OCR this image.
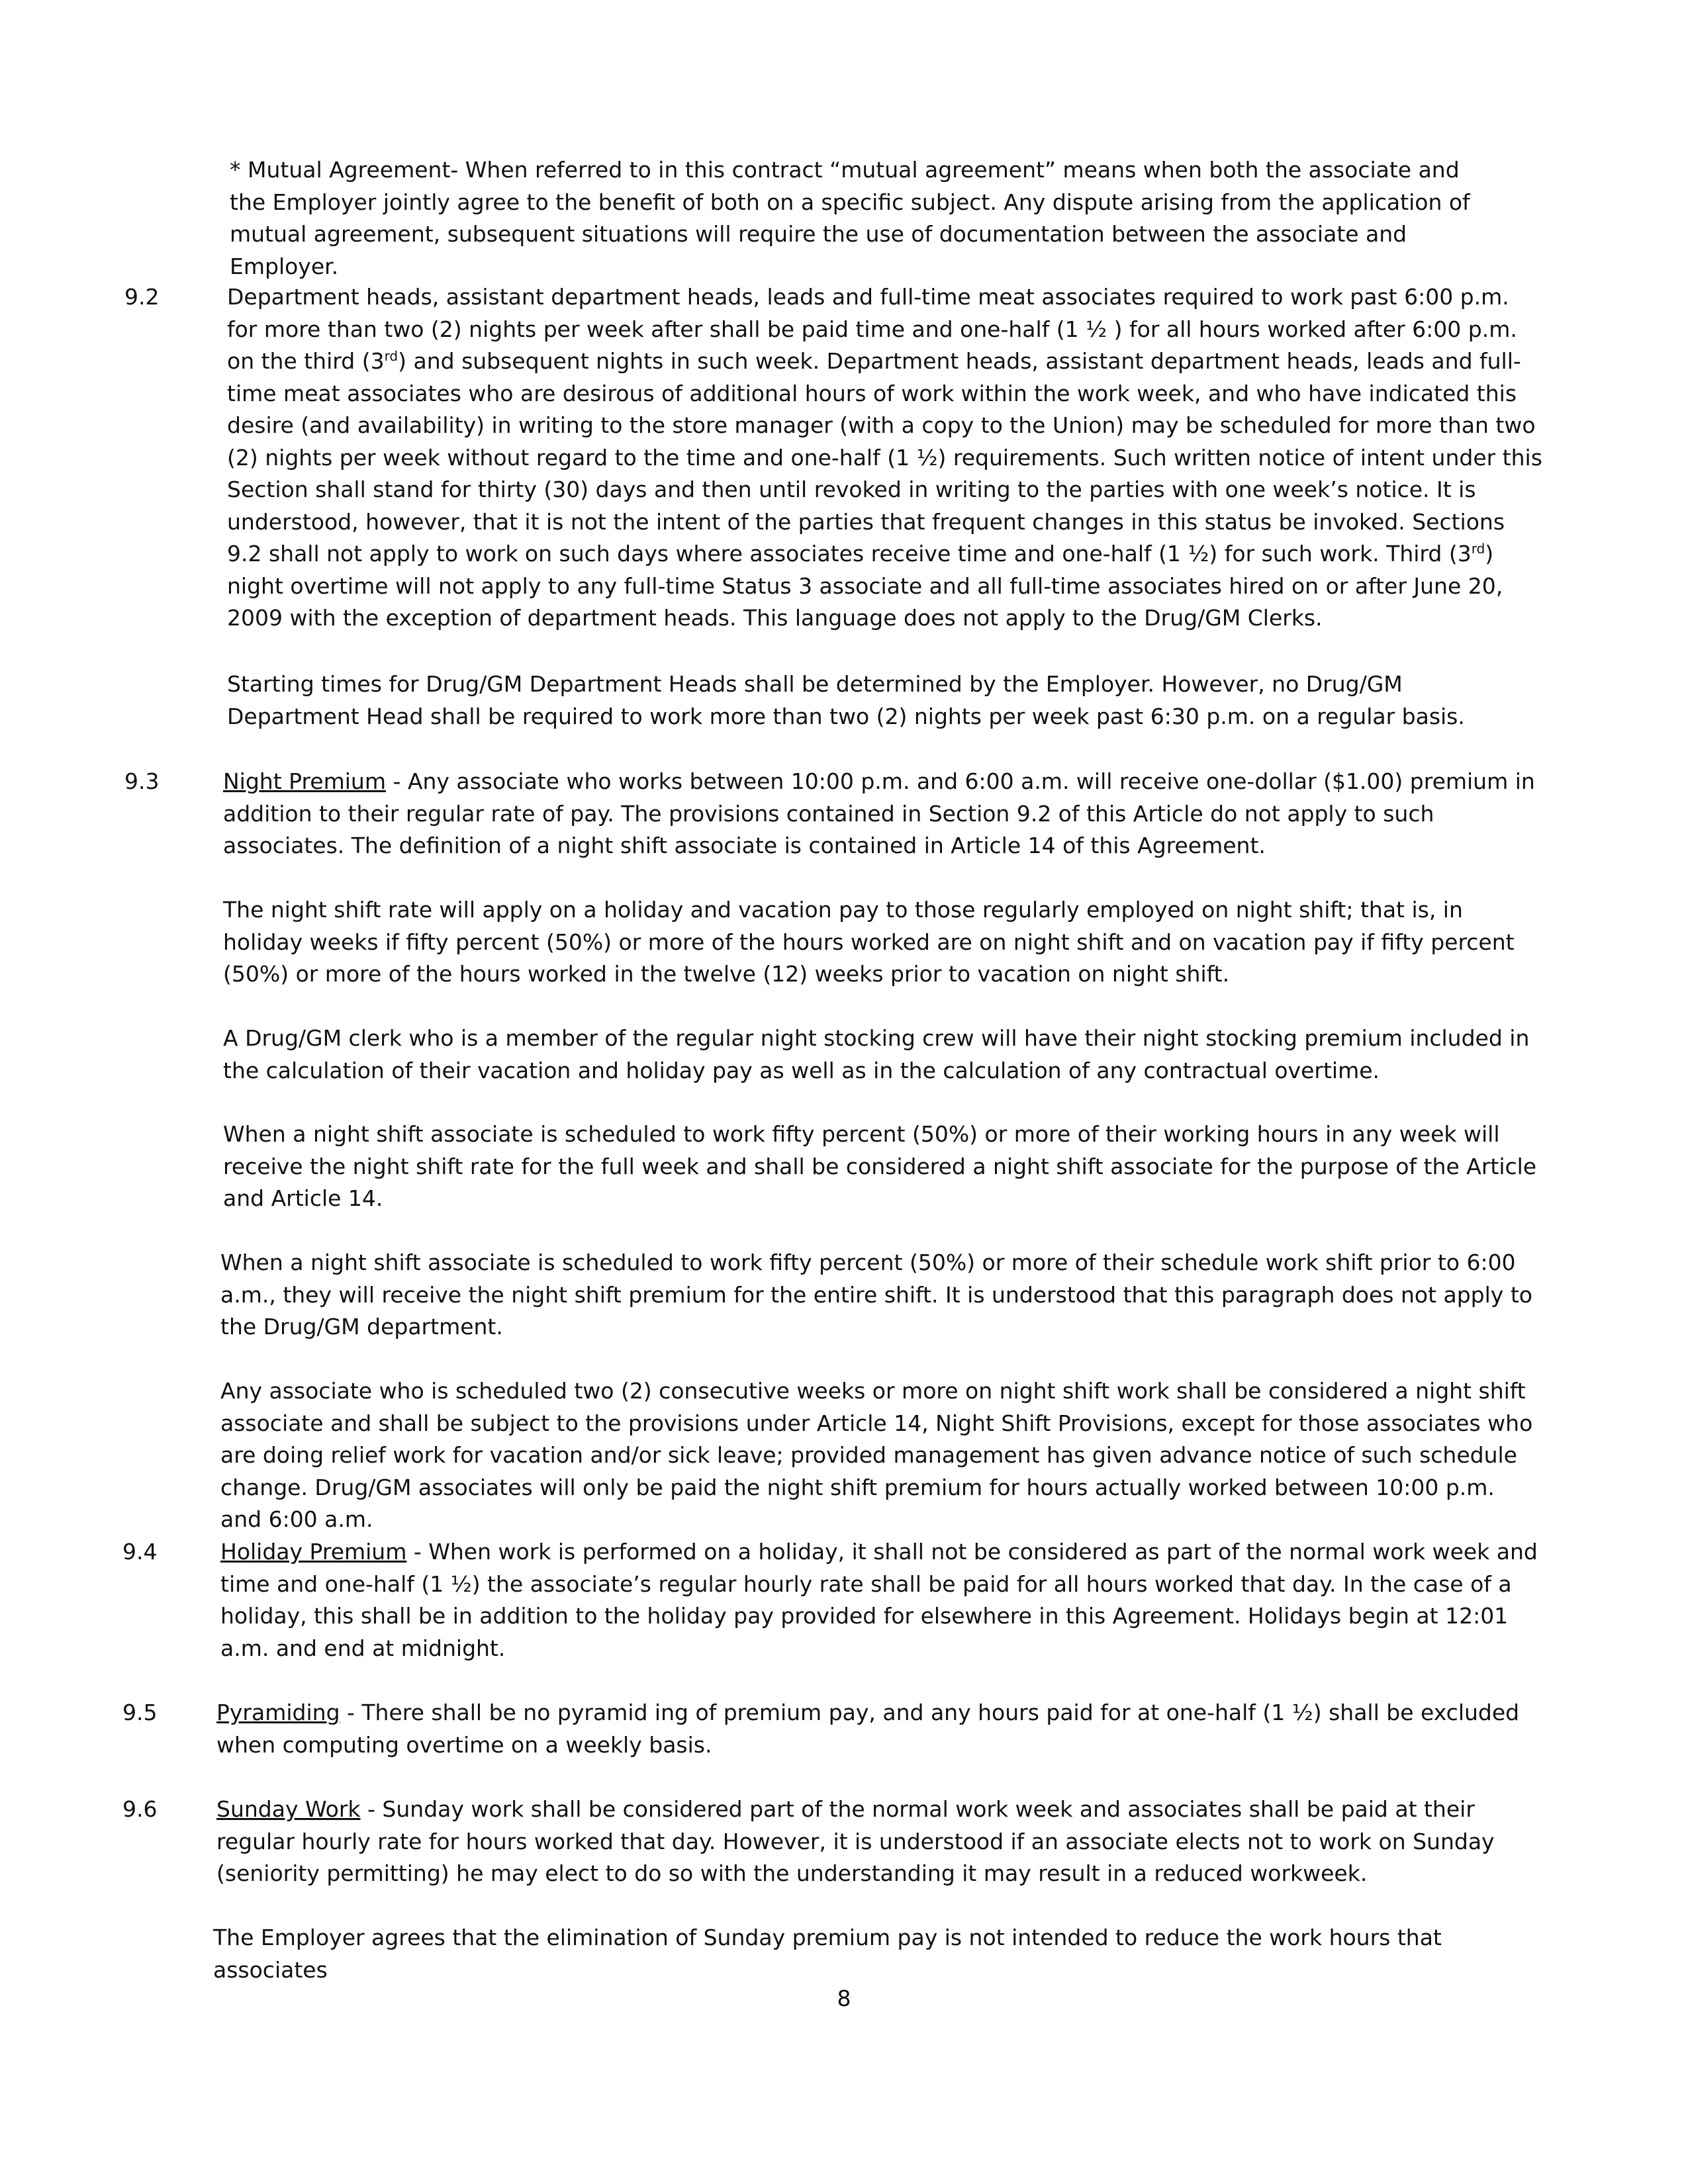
* Mutual Agreement- When referred to in this contract “mutual agreement” means when both the associate and the Employer jointly agree to the benefit of both on a specific subject. Any dispute arising from the application of mutual agreement, subsequent situations will require the use of documentation between the associate and Employer.

9.2	Department heads, assistant department heads, leads and full-time meat associates required to work past 6:00 p.m. for more than two (2) nights per week after shall be paid time and one-half (1 ½ ) for all hours worked after 6:00 p.m. on the third (3rd) and subsequent nights in such week. Department heads, assistant department heads, leads and full-time meat associates who are desirous of additional hours of work within the work week, and who have indicated this desire (and availability) in writing to the store manager (with a copy to the Union) may be scheduled for more than two (2) nights per week without regard to the time and one-half (1 ½) requirements. Such written notice of intent under this Section shall stand for thirty (30) days and then until revoked in writing to the parties with one week’s notice. It is understood, however, that it is not the intent of the parties that frequent changes in this status be invoked. Sections 9.2 shall not apply to work on such days where associates receive time and one-half (1 ½) for such work. Third (3rd) night overtime will not apply to any full-time Status 3 associate and all full-time associates hired on or after June 20, 2009 with the exception of department heads. This language does not apply to the Drug/GM Clerks.

Starting times for Drug/GM Department Heads shall be determined by the Employer. However, no Drug/GM Department Head shall be required to work more than two (2) nights per week past 6:30 p.m. on a regular basis.

9.3	Night Premium - Any associate who works between 10:00 p.m. and 6:00 a.m. will receive one-dollar ($1.00) premium in addition to their regular rate of pay. The provisions contained in Section 9.2 of this Article do not apply to such associates. The definition of a night shift associate is contained in Article 14 of this Agreement.

The night shift rate will apply on a holiday and vacation pay to those regularly employed on night shift; that is, in holiday weeks if fifty percent (50%) or more of the hours worked are on night shift and on vacation pay if fifty percent (50%) or more of the hours worked in the twelve (12) weeks prior to vacation on night shift.

A Drug/GM clerk who is a member of the regular night stocking crew will have their night stocking premium included in the calculation of their vacation and holiday pay as well as in the calculation of any contractual overtime.

When a night shift associate is scheduled to work fifty percent (50%) or more of their working hours in any week will receive the night shift rate for the full week and shall be considered a night shift associate for the purpose of the Article and Article 14.

When a night shift associate is scheduled to work fifty percent (50%) or more of their schedule work shift prior to 6:00 a.m., they will receive the night shift premium for the entire shift. It is understood that this paragraph does not apply to the Drug/GM department.

Any associate who is scheduled two (2) consecutive weeks or more on night shift work shall be considered a night shift associate and shall be subject to the provisions under Article 14, Night Shift Provisions, except for those associates who are doing relief work for vacation and/or sick leave; provided management has given advance notice of such schedule change. Drug/GM associates will only be paid the night shift premium for hours actually worked between 10:00 p.m. and 6:00 a.m.

9.4	Holiday Premium - When work is performed on a holiday, it shall not be considered as part of the normal work week and time and one-half (1 ½) the associate’s regular hourly rate shall be paid for all hours worked that day. In the case of a holiday, this shall be in addition to the holiday pay provided for elsewhere in this Agreement. Holidays begin at 12:01 a.m. and end at midnight.

9.5	Pyramiding - There shall be no pyramid ing of premium pay, and any hours paid for at one-half (1 ½) shall be excluded when computing overtime on a weekly basis.

9.6	Sunday Work - Sunday work shall be considered part of the normal work week and associates shall be paid at their regular hourly rate for hours worked that day. However, it is understood if an associate elects not to work on Sunday (seniority permitting) he may elect to do so with the understanding it may result in a reduced workweek.

The Employer agrees that the elimination of Sunday premium pay is not intended to reduce the work hours that associates

8
